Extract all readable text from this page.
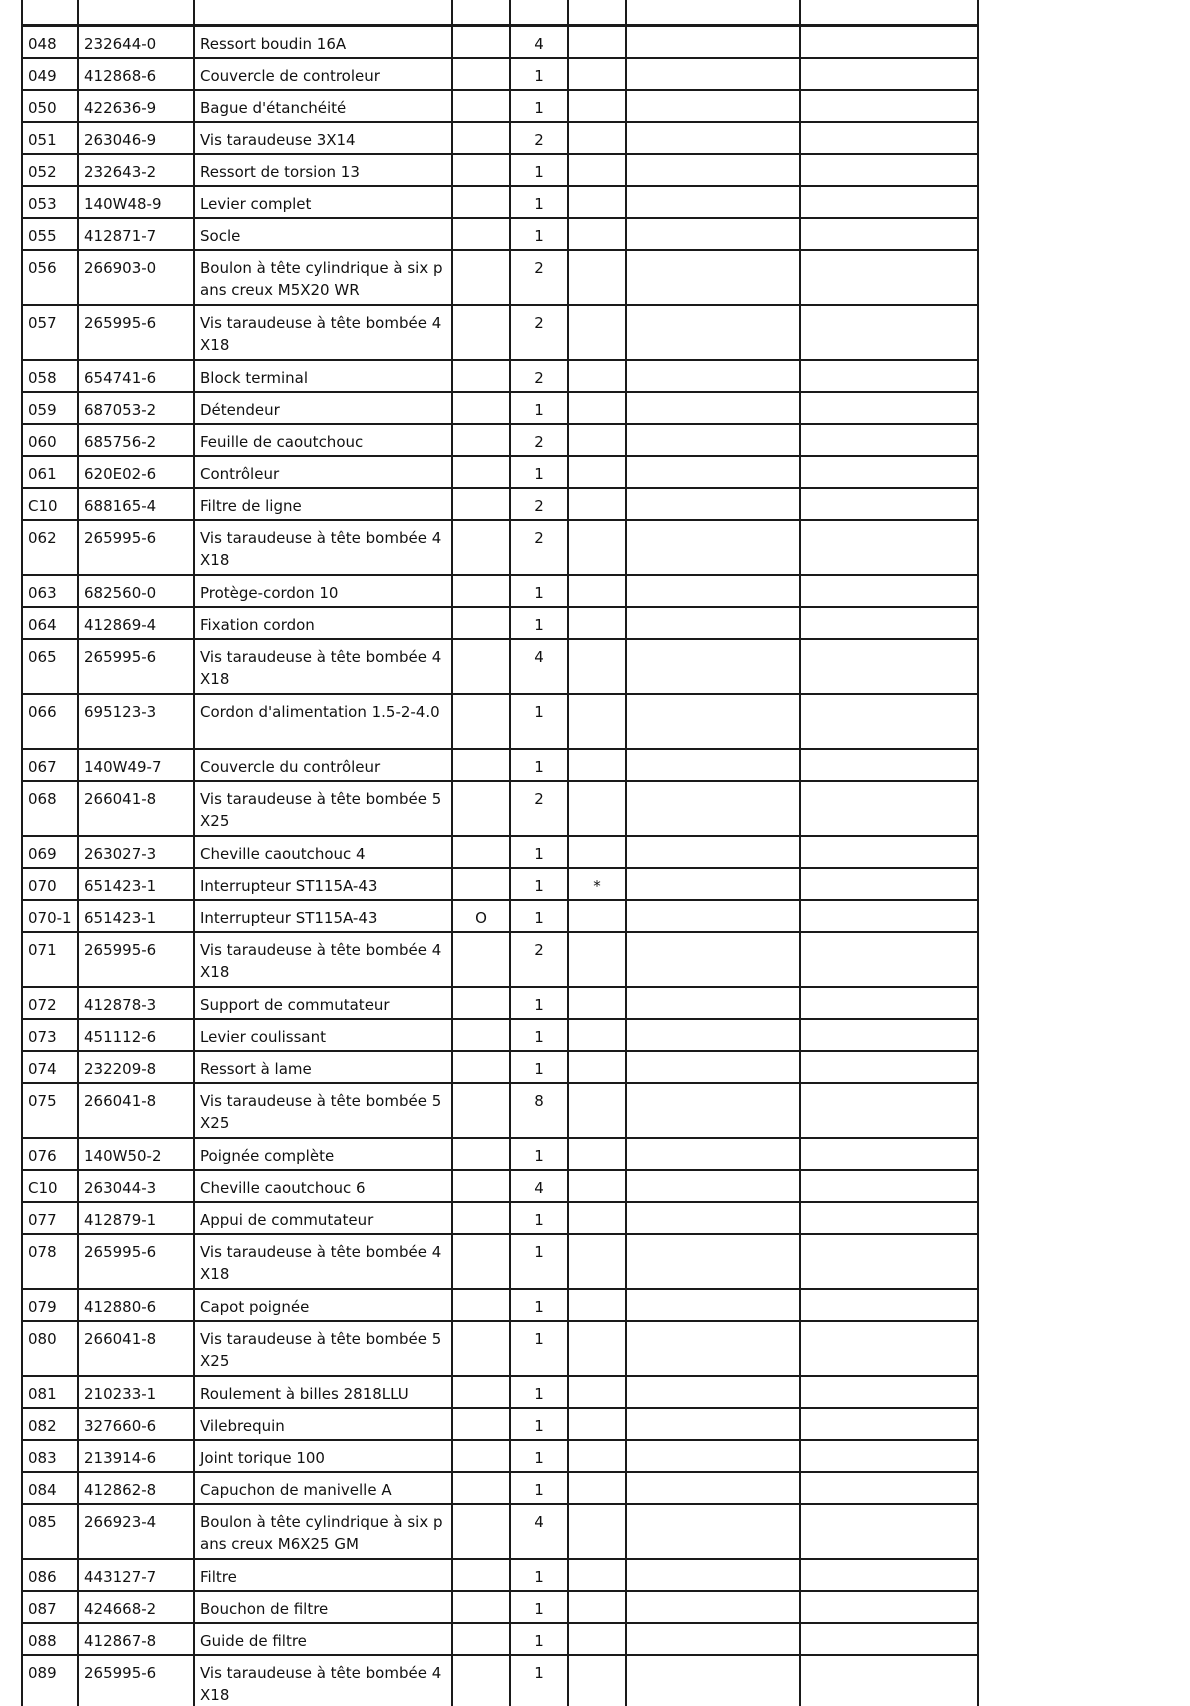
048	232644-0	Ressort boudin 16A		4			
049	412868-6	Couvercle de controleur		1			
050	422636-9	Bague d'étanchéité		1			
051	263046-9	Vis taraudeuse 3X14		2			
052	232643-2	Ressort de torsion 13		1			
053	140W48-9	Levier complet		1			
055	412871-7	Socle		1			
056	266903-0	Boulon à tête cylindrique à six pans creux M5X20 WR		2			
057	265995-6	Vis taraudeuse à tête bombée 4X18		2			
058	654741-6	Block terminal		2			
059	687053-2	Détendeur		1			
060	685756-2	Feuille de caoutchouc		2			
061	620E02-6	Contrôleur		1			
C10	688165-4	Filtre de ligne		2			
062	265995-6	Vis taraudeuse à tête bombée 4X18		2			
063	682560-0	Protège-cordon 10		1			
064	412869-4	Fixation cordon		1			
065	265995-6	Vis taraudeuse à tête bombée 4X18		4			
066	695123-3	Cordon d'alimentation 1.5-2-4.0		1			
067	140W49-7	Couvercle du contrôleur		1			
068	266041-8	Vis taraudeuse à tête bombée 5X25		2			
069	263027-3	Cheville caoutchouc 4		1			
070	651423-1	Interrupteur ST115A-43		1	*		
070-1	651423-1	Interrupteur ST115A-43	O	1			
071	265995-6	Vis taraudeuse à tête bombée 4X18		2			
072	412878-3	Support de commutateur		1			
073	451112-6	Levier coulissant		1			
074	232209-8	Ressort à lame		1			
075	266041-8	Vis taraudeuse à tête bombée 5X25		8			
076	140W50-2	Poignée complète		1			
C10	263044-3	Cheville caoutchouc 6		4			
077	412879-1	Appui de commutateur		1			
078	265995-6	Vis taraudeuse à tête bombée 4X18		1			
079	412880-6	Capot poignée		1			
080	266041-8	Vis taraudeuse à tête bombée 5X25		1			
081	210233-1	Roulement à billes 2818LLU		1			
082	327660-6	Vilebrequin		1			
083	213914-6	Joint torique 100		1			
084	412862-8	Capuchon de manivelle A		1			
085	266923-4	Boulon à tête cylindrique à six pans creux M6X25 GM		4			
086	443127-7	Filtre		1			
087	424668-2	Bouchon de filtre		1			
088	412867-8	Guide de filtre		1			
089	265995-6	Vis taraudeuse à tête bombée 4X18		1			
